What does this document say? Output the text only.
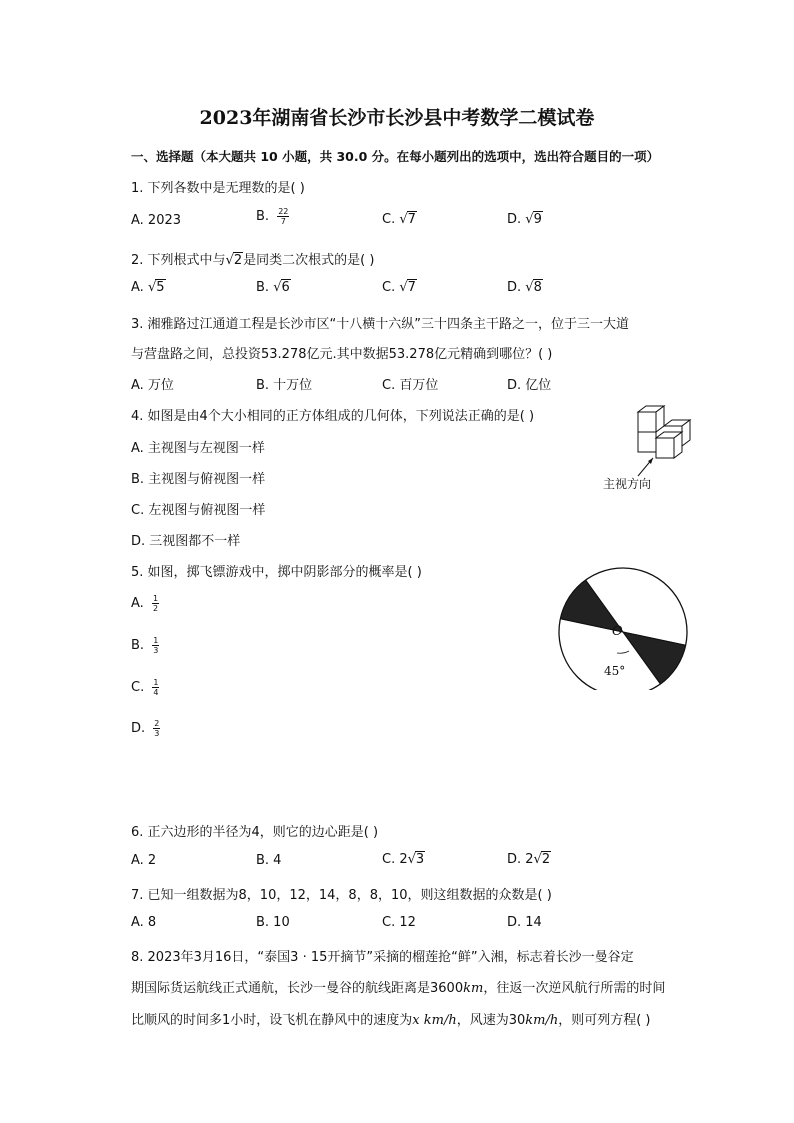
2023年湖南省长沙市长沙县中考数学二模试卷
一、选择题（本大题共 10 小题，共 30.0 分。在每小题列出的选项中，选出符合题目的一项）
1. 下列各数中是无理数的是( )
A. 2023	B. $\frac{22}{7}$	C. √7	D. √9
2. 下列根式中与√2是同类二次根式的是( )
A. √5	B. √6	C. √7	D. √8
3. 湘雅路过江通道工程是长沙市区“十八横十六纵”三十四条主干路之一，位于三一大道
与营盘路之间，总投资53.278亿元.其中数据53.278亿元精确到哪位？( )
A. 万位	B. 十万位	C. 百万位	D. 亿位
4. 如图是由4个大小相同的正方体组成的几何体，下列说法正确的是( )
A. 主视图与左视图一样
B. 主视图与俯视图一样
C. 左视图与俯视图一样
D. 三视图都不一样
主视方向
5. 如图，掷飞镖游戏中，掷中阴影部分的概率是( )
A. $\frac{1}{2}$
B. $\frac{1}{3}$
C. $\frac{1}{4}$
D. $\frac{2}{3}$
O
45°
6. 正六边形的半径为4，则它的边心距是( )
A. 2	B. 4	C. 2√3	D. 2√2
7. 已知一组数据为8，10，12，14，8，8，10，则这组数据的众数是( )
A. 8	B. 10	C. 12	D. 14
8. 2023年3月16日，“泰国3 · 15开摘节”采摘的榴莲抢“鲜”入湘，标志着长沙一曼谷定
期国际货运航线正式通航，长沙一曼谷的航线距离是3600km，往返一次逆风航行所需的时间
比顺风的时间多1小时，设飞机在静风中的速度为x km/h，风速为30km/h，则可列方程( )
